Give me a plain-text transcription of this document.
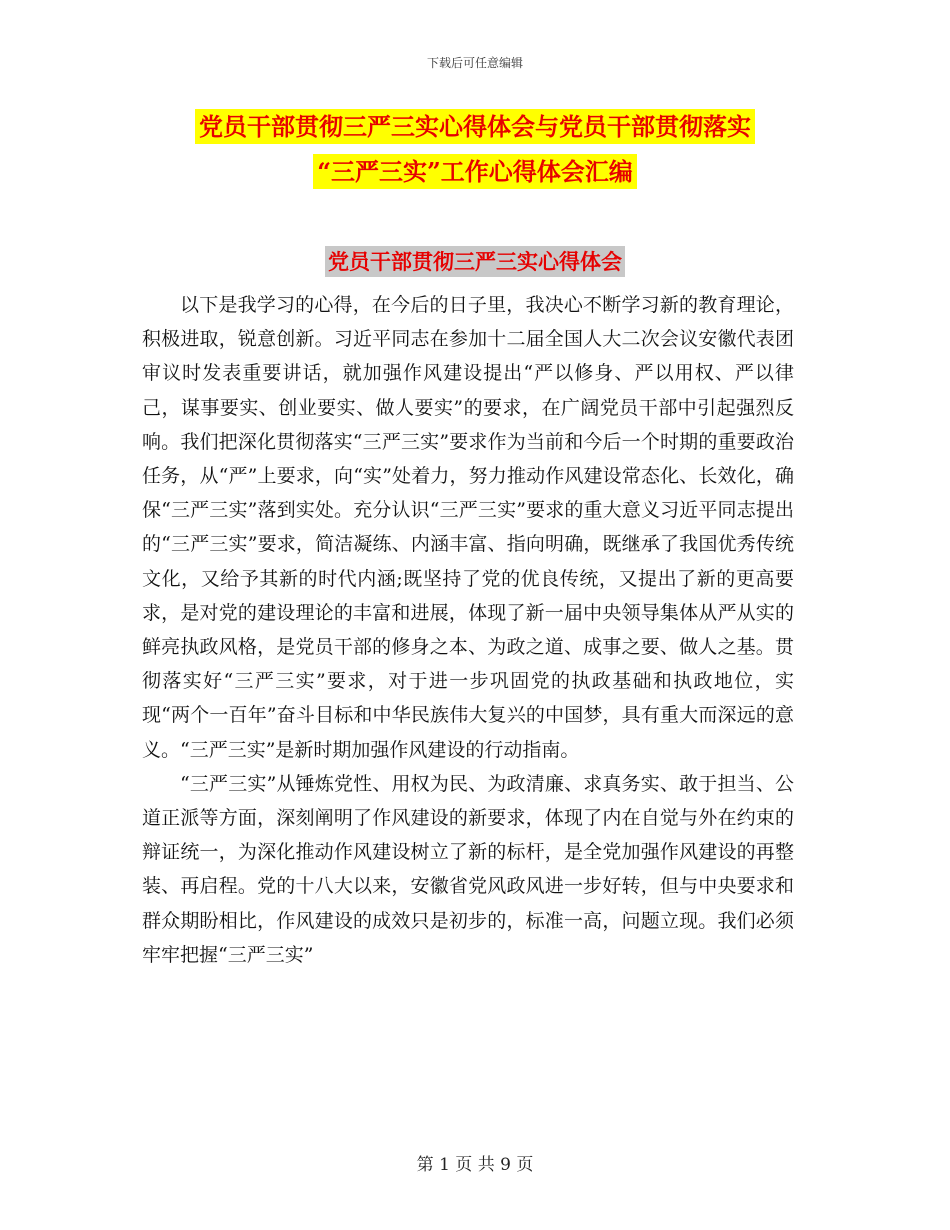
下载后可任意编辑
党员干部贯彻三严三实心得体会与党员干部贯彻落实
“三严三实”工作心得体会汇编
党员干部贯彻三严三实心得体会

以下是我学习的心得，在今后的日子里，我决心不断学习新的教育理论，积极进取，锐意创新。习近平同志在参加十二届全国人大二次会议安徽代表团审议时发表重要讲话，就加强作风建设提出“严以修身、严以用权、严以律己，谋事要实、创业要实、做人要实”的要求，在广阔党员干部中引起强烈反响。我们把深化贯彻落实“三严三实”要求作为当前和今后一个时期的重要政治任务，从“严”上要求，向“实”处着力，努力推动作风建设常态化、长效化，确保“三严三实”落到实处。充分认识“三严三实”要求的重大意义习近平同志提出的“三严三实”要求，简洁凝练、内涵丰富、指向明确，既继承了我国优秀传统文化，又给予其新的时代内涵;既坚持了党的优良传统，又提出了新的更高要求，是对党的建设理论的丰富和进展，体现了新一届中央领导集体从严从实的鲜亮执政风格，是党员干部的修身之本、为政之道、成事之要、做人之基。贯彻落实好“三严三实”要求，对于进一步巩固党的执政基础和执政地位，实现“两个一百年”奋斗目标和中华民族伟大复兴的中国梦，具有重大而深远的意义。“三严三实”是新时期加强作风建设的行动指南。

“三严三实”从锤炼党性、用权为民、为政清廉、求真务实、敢于担当、公道正派等方面，深刻阐明了作风建设的新要求，体现了内在自觉与外在约束的辩证统一，为深化推动作风建设树立了新的标杆，是全党加强作风建设的再整装、再启程。党的十八大以来，安徽省党风政风进一步好转，但与中央要求和群众期盼相比，作风建设的成效只是初步的，标准一高，问题立现。我们必须牢牢把握“三严三实”

第 1 页 共 9 页
